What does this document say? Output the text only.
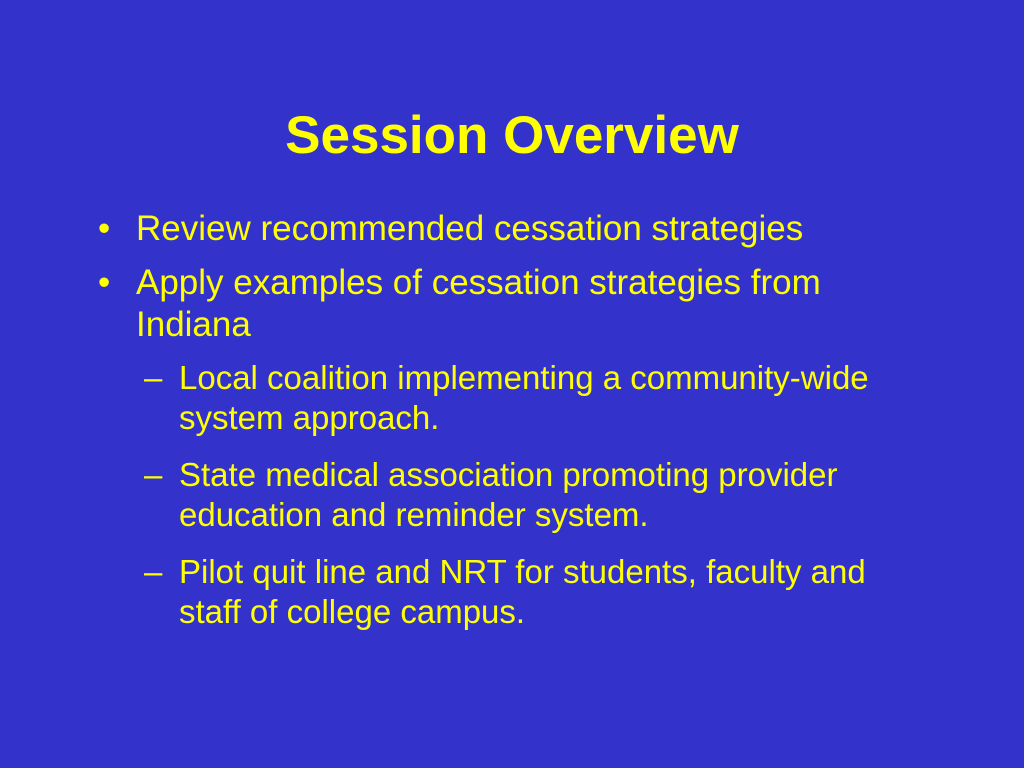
Session Overview
• Review recommended cessation strategies
• Apply examples of cessation strategies from Indiana
– Local coalition implementing a community-wide system approach.
– State medical association promoting provider education and reminder system.
– Pilot quit line and NRT for students, faculty and staff of college campus.
